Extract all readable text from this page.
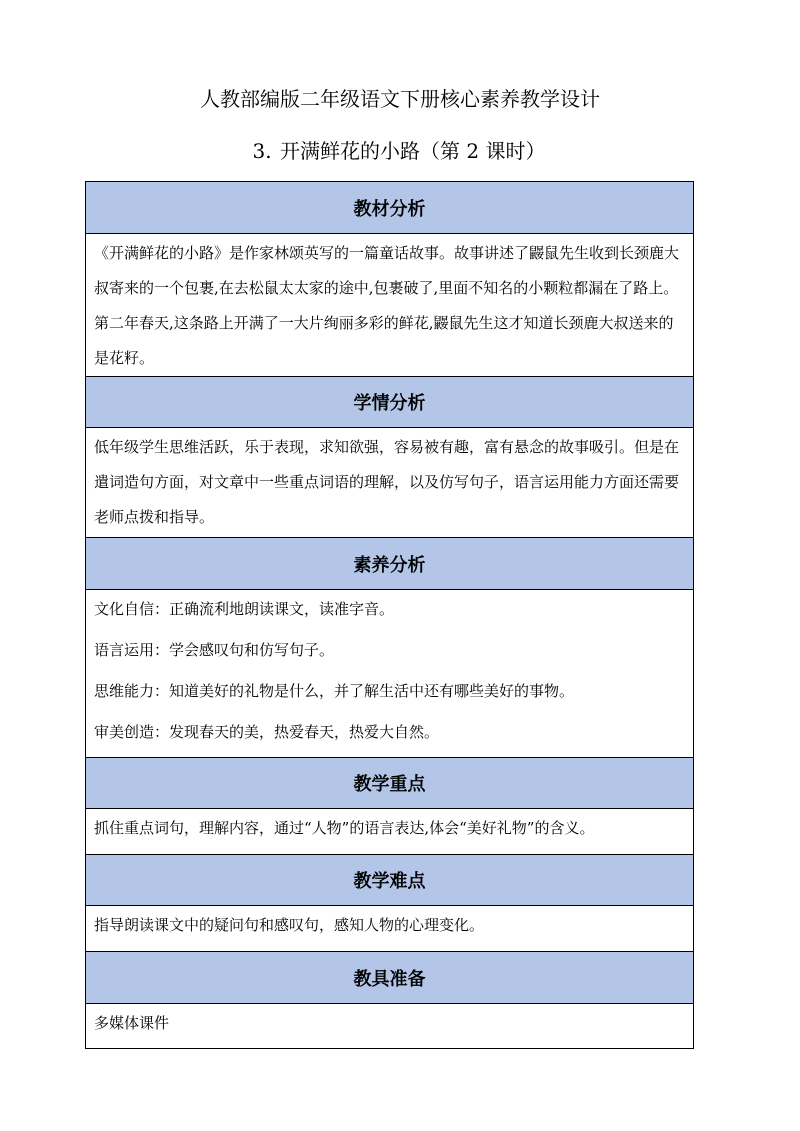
人教部编版二年级语文下册核心素养教学设计
3. 开满鲜花的小路（第 2 课时）
教材分析
《开满鲜花的小路》是作家林颂英写的一篇童话故事。故事讲述了鼹鼠先生收到长颈鹿大叔寄来的一个包裹,在去松鼠太太家的途中,包裹破了,里面不知名的小颗粒都漏在了路上。第二年春天,这条路上开满了一大片绚丽多彩的鲜花,鼹鼠先生这才知道长颈鹿大叔送来的是花籽。
学情分析
低年级学生思维活跃，乐于表现，求知欲强，容易被有趣，富有悬念的故事吸引。但是在遣词造句方面，对文章中一些重点词语的理解，以及仿写句子，语言运用能力方面还需要老师点拨和指导。
素养分析

文化自信：正确流利地朗读课文，读准字音。

语言运用：学会感叹句和仿写句子。

思维能力：知道美好的礼物是什么，并了解生活中还有哪些美好的事物。

审美创造：发现春天的美，热爱春天，热爱大自然。

教学重点
抓住重点词句，理解内容，通过“人物”的语言表达,体会“美好礼物”的含义。
教学难点
指导朗读课文中的疑问句和感叹句，感知人物的心理变化。
教具准备
多媒体课件
